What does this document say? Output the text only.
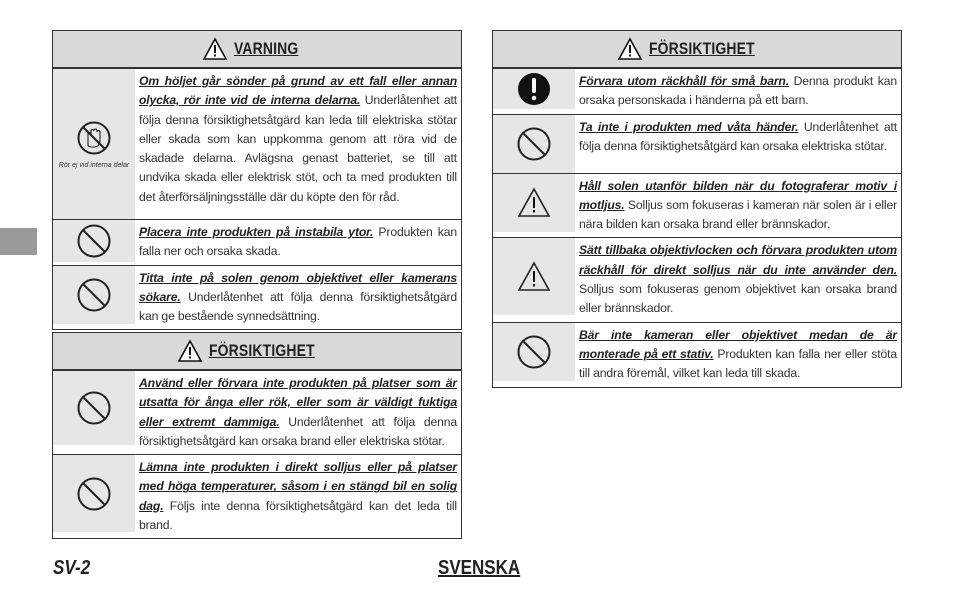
VARNING
Rör ej vid interna delar
Om höljet går sönder på grund av ett fall eller annan olycka, rör inte vid de interna delarna. Underlåtenhet att följa denna försiktighetsåtgärd kan leda till elektriska stötar eller skada som kan uppkomma genom att röra vid de skadade delarna. Avlägsna genast batteriet, se till att undvika skada eller elektrisk stöt, och ta med produkten till det återförsäljningsställe där du köpte den för råd.
Placera inte produkten på instabila ytor. Produkten kan falla ner och orsaka skada.
Titta inte på solen genom objektivet eller kamerans sökare. Underlåtenhet att följa denna försiktighetsåtgärd kan ge bestående synnedsättning.
FÖRSIKTIGHET
Använd eller förvara inte produkten på platser som är utsatta för ånga eller rök, eller som är väldigt fuktiga eller extremt dammiga. Underlåtenhet att följa denna försiktighetsåtgärd kan orsaka brand eller elektriska stötar.
Lämna inte produkten i direkt solljus eller på platser med höga temperaturer, såsom i en stängd bil en solig dag. Följs inte denna försiktighetsåtgärd kan det leda till brand.
FÖRSIKTIGHET
Förvara utom räckhåll för små barn. Denna produkt kan orsaka personskada i händerna på ett barn.
Ta inte i produkten med våta händer. Underlåtenhet att följa denna försiktighetsåtgärd kan orsaka elektriska stötar.
Håll solen utanför bilden när du fotograferar motiv i motljus. Solljus som fokuseras i kameran när solen är i eller nära bilden kan orsaka brand eller brännskador.
Sätt tillbaka objektivlocken och förvara produkten utom räckhåll för direkt solljus när du inte använder den. Solljus som fokuseras genom objektivet kan orsaka brand eller brännskador.
Bär inte kameran eller objektivet medan de är monterade på ett stativ. Produkten kan falla ner eller stöta till andra föremål, vilket kan leda till skada.
SV-2	SVENSKA
